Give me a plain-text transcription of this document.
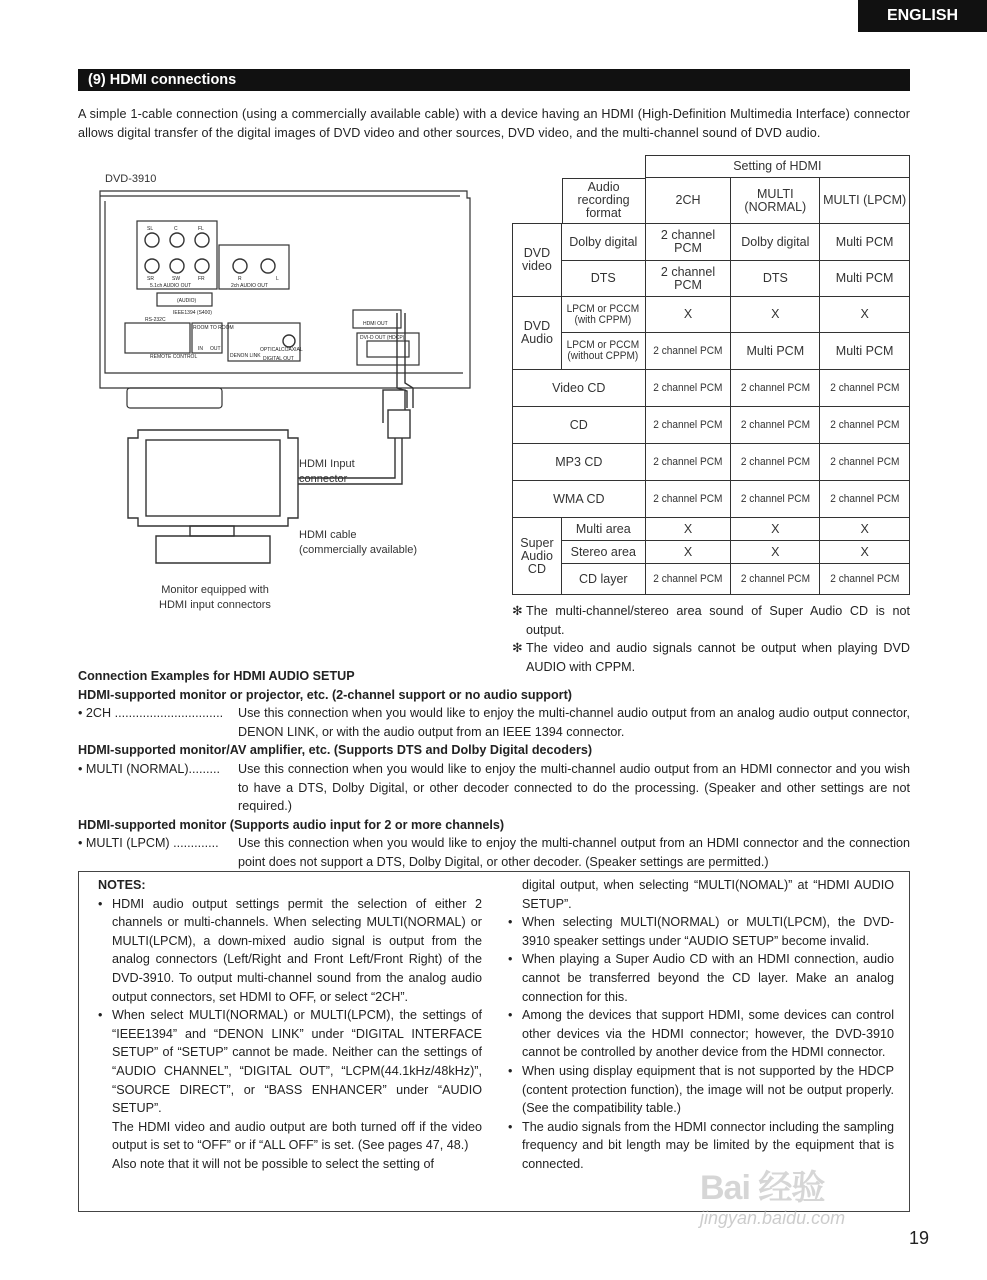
ENGLISH
(9) HDMI connections
A simple 1-cable connection (using a commercially available cable) with a device having an HDMI (High-Definition Multimedia Interface) connector allows digital transfer of the digital images of DVD video and other sources, DVD video, and the multi-channel sound of DVD audio.
DVD-3910
SL	C	FL
SR	SW	FR
5.1ch AUDIO OUT
R	L
2ch AUDIO OUT
(AUDIO)
IEEE1394 (S400)
RS-232C
ROOM TO ROOM
IN OUT
REMOTE CONTROL	DENON LINK
OPTICAL COAXIAL
DIGITAL OUT
HDMI OUT
DVI-D OUT (HDCP)
HDMI Input
connector
HDMI cable
(commercially available)
Monitor equipped with
HDMI input connectors
Audio recording format		Setting of HDMI		
		2CH	MULTI (NORMAL)	MULTI (LPCM)
DVD video	Dolby digital	2 channel PCM	Dolby digital	Multi PCM
	DTS	2 channel PCM	DTS	Multi PCM
DVD Audio	LPCM or PCCM (with CPPM)	X	X	X
	LPCM or PCCM (without CPPM)	2 channel PCM	Multi PCM	Multi PCM
Video CD		2 channel PCM	2 channel PCM	2 channel PCM
CD		2 channel PCM	2 channel PCM	2 channel PCM
MP3 CD		2 channel PCM	2 channel PCM	2 channel PCM
WMA CD		2 channel PCM	2 channel PCM	2 channel PCM
Super Audio CD	Multi area	X	X	X
	Stereo area	X	X	X
	CD layer	2 channel PCM	2 channel PCM	2 channel PCM
✻ The multi-channel/stereo area sound of Super Audio CD is not output.
✻ The video and audio signals cannot be output when playing DVD AUDIO with CPPM.
Connection Examples for HDMI AUDIO SETUP
HDMI-supported monitor or projector, etc. (2-channel support or no audio support)
• 2CH ...............................	Use this connection when you would like to enjoy the multi-channel audio output from an analog audio output connector, DENON LINK, or with the audio output from an IEEE 1394 connector.
HDMI-supported monitor/AV amplifier, etc. (Supports DTS and Dolby Digital decoders)
• MULTI (NORMAL).........	Use this connection when you would like to enjoy the multi-channel audio output from an HDMI connector and you wish to have a DTS, Dolby Digital, or other decoder connected to do the processing. (Speaker and other settings are not required.)
HDMI-supported monitor (Supports audio input for 2 or more channels)
• MULTI (LPCM) .............	Use this connection when you would like to enjoy the multi-channel output from an HDMI connector and the connection point does not support a DTS, Dolby Digital, or other decoder. (Speaker settings are permitted.)
NOTES:
• HDMI audio output settings permit the selection of either 2 channels or multi-channels. When selecting MULTI(NORMAL) or MULTI(LPCM), a down-mixed audio signal is output from the analog connectors (Left/Right and Front Left/Front Right) of the DVD-3910. To output multi-channel sound from the analog audio output connectors, set HDMI to OFF, or select “2CH”.
• When select MULTI(NORMAL) or MULTI(LPCM), the settings of “IEEE1394” and “DENON LINK” under “DIGITAL INTERFACE SETUP” of “SETUP” cannot be made. Neither can the settings of “AUDIO CHANNEL”, “DIGITAL OUT”, “LCPM(44.1kHz/48kHz)”, “SOURCE DIRECT”, or “BASS ENHANCER” under “AUDIO SETUP”.
The HDMI video and audio output are both turned off if the video output is set to “OFF” or if “ALL OFF” is set. (See pages 47, 48.)
Also note that it will not be possible to select the setting of
digital output, when selecting “MULTI(NOMAL)” at “HDMI AUDIO SETUP”.
• When selecting MULTI(NORMAL) or MULTI(LPCM), the DVD-3910 speaker settings under “AUDIO SETUP” become invalid.
• When playing a Super Audio CD with an HDMI connection, audio cannot be transferred beyond the CD layer. Make an analog connection for this.
• Among the devices that support HDMI, some devices can control other devices via the HDMI connector; however, the DVD-3910 cannot be controlled by another device from the HDMI connector.
• When using display equipment that is not supported by the HDCP (content protection function), the image will not be output properly. (See the compatibility table.)
• The audio signals from the HDMI connector including the sampling frequency and bit length may be limited by the equipment that is connected.
Bai 经验
jingyan.baidu.com
19
